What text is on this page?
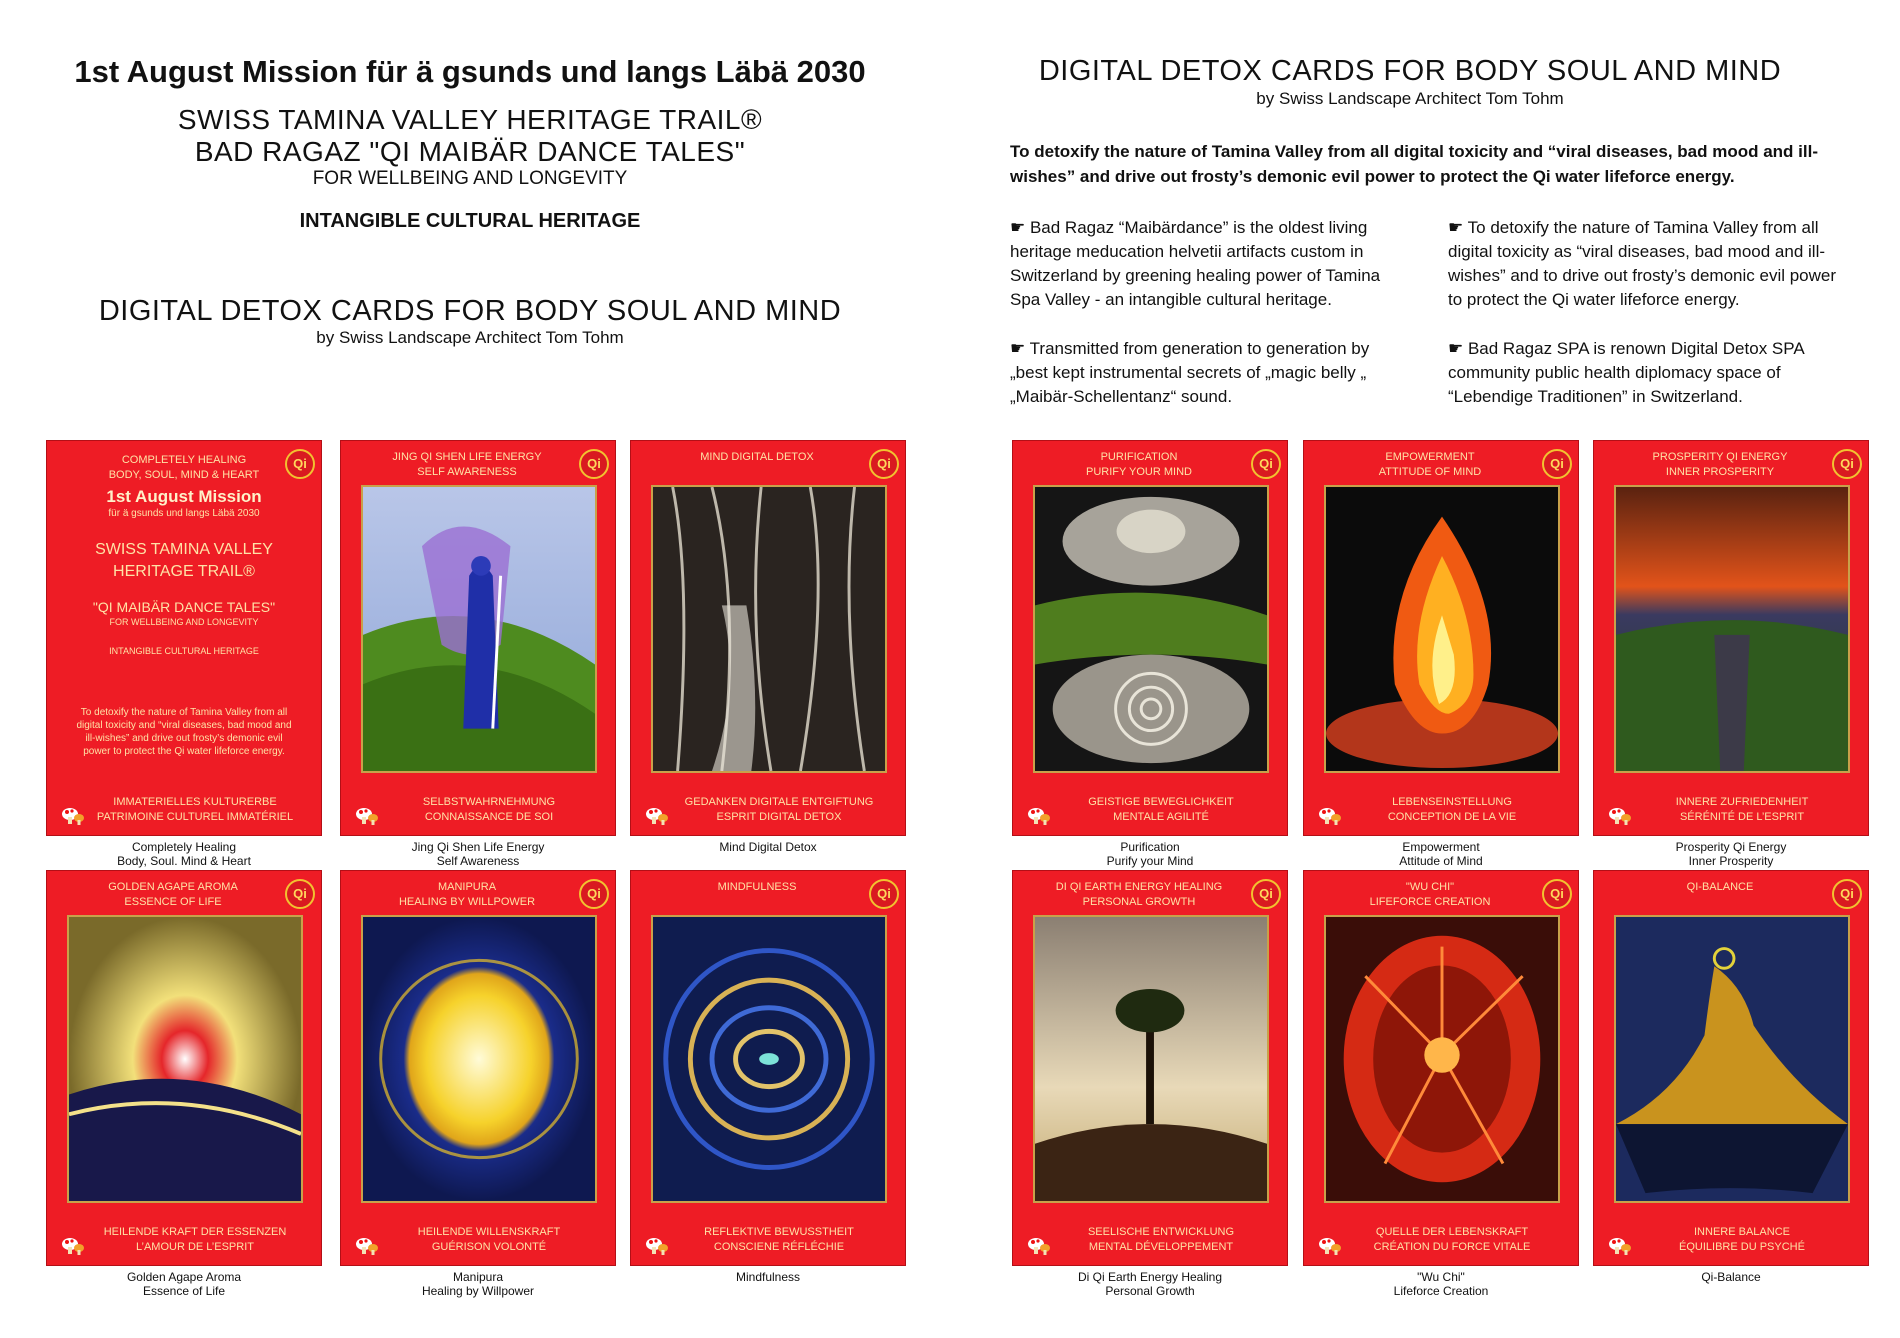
1st August Mission für ä gsunds und langs Läbä 2030
SWISS TAMINA VALLEY HERITAGE TRAIL®
BAD RAGAZ "QI MAIBÄR DANCE TALES"
FOR WELLBEING AND LONGEVITY
INTANGIBLE CULTURAL HERITAGE
DIGITAL DETOX CARDS FOR BODY SOUL AND MIND
by Swiss Landscape Architect Tom Tohm
DIGITAL DETOX CARDS FOR BODY SOUL AND MIND
by Swiss Landscape Architect Tom Tohm
To detoxify the nature of Tamina Valley from all digital toxicity and “viral diseases, bad mood and ill-wishes” and drive out frosty’s demonic evil power to protect the Qi water lifeforce energy.

☛ Bad Ragaz “Maibärdance” is the oldest living heritage meducation helvetii artifacts custom in Switzerland by greening healing power of Tamina Spa Valley - an intangible cultural heritage.

☛ Transmitted from generation to generation by „best kept instrumental secrets of „magic belly „ „Maibär-Schellentanz“ sound.

☛ To detoxify the nature of Tamina Valley from all digital toxicity as “viral diseases, bad mood and ill-wishes” and to drive out frosty’s demonic evil power to protect the Qi water lifeforce energy.

☛ Bad Ragaz SPA is renown Digital Detox SPA community public health diplomacy space of “Lebendige Traditionen” in Switzerland.

Qi
COMPLETELY HEALING
BODY, SOUL, MIND & HEART
1st August Mission
für ä gsunds und langs Läbä 2030
SWISS TAMINA VALLEY
HERITAGE TRAIL®
"QI MAIBÄR DANCE TALES"
FOR WELLBEING AND LONGEVITY
INTANGIBLE CULTURAL HERITAGE
To detoxify the nature of Tamina Valley from all digital toxicity and “viral diseases, bad mood and ill-wishes” and drive out frosty’s demonic evil power to protect the Qi water lifeforce energy.
IMMATERIELLES KULTURERBE
PATRIMOINE CULTUREL IMMATÉRIEL
Completely Healing
Body, Soul. Mind & Heart
JING QI SHEN LIFE ENERGY
SELF AWARENESS
Qi
SELBSTWAHRNEHMUNG
CONNAISSANCE DE SOI
Jing Qi Shen Life Energy
Self Awareness
MIND DIGITAL DETOX	Qi
GEDANKEN DIGITALE ENTGIFTUNG
ESPRIT DIGITAL DETOX
Mind Digital Detox
PURIFICATION
PURIFY YOUR MIND
Qi
GEISTIGE BEWEGLICHKEIT
MENTALE AGILITÉ
Purification
Purify your Mind
EMPOWERMENT
ATTITUDE OF MIND
Qi
LEBENSEINSTELLUNG
CONCEPTION DE LA VIE
Empowerment
Attitude of Mind
PROSPERITY QI ENERGY
INNER PROSPERITY
Qi
INNERE ZUFRIEDENHEIT
SÉRÉNITÉ DE L’ESPRIT
Prosperity Qi Energy
Inner Prosperity
GOLDEN AGAPE AROMA
ESSENCE OF LIFE
Qi
HEILENDE KRAFT DER ESSENZEN
L’AMOUR DE L’ESPRIT
Golden Agape Aroma
Essence of Life
MANIPURA
HEALING BY WILLPOWER
Qi
HEILENDE WILLENSKRAFT
GUÉRISON VOLONTÉ
Manipura
Healing by Willpower
MINDFULNESS	Qi
REFLEKTIVE BEWUSSTHEIT
CONSCIENE RÉFLÉCHIE
Mindfulness
DI QI EARTH ENERGY HEALING
PERSONAL GROWTH
Qi
SEELISCHE ENTWICKLUNG
MENTAL DÉVELOPPEMENT
Di Qi Earth Energy Healing
Personal Growth
"WU CHI"
LIFEFORCE CREATION
Qi
QUELLE DER LEBENSKRAFT
CRÉATION DU FORCE VITALE
"Wu Chi"
Lifeforce Creation
QI-BALANCE	Qi
INNERE BALANCE
ÉQUILIBRE DU PSYCHÉ
Qi-Balance
